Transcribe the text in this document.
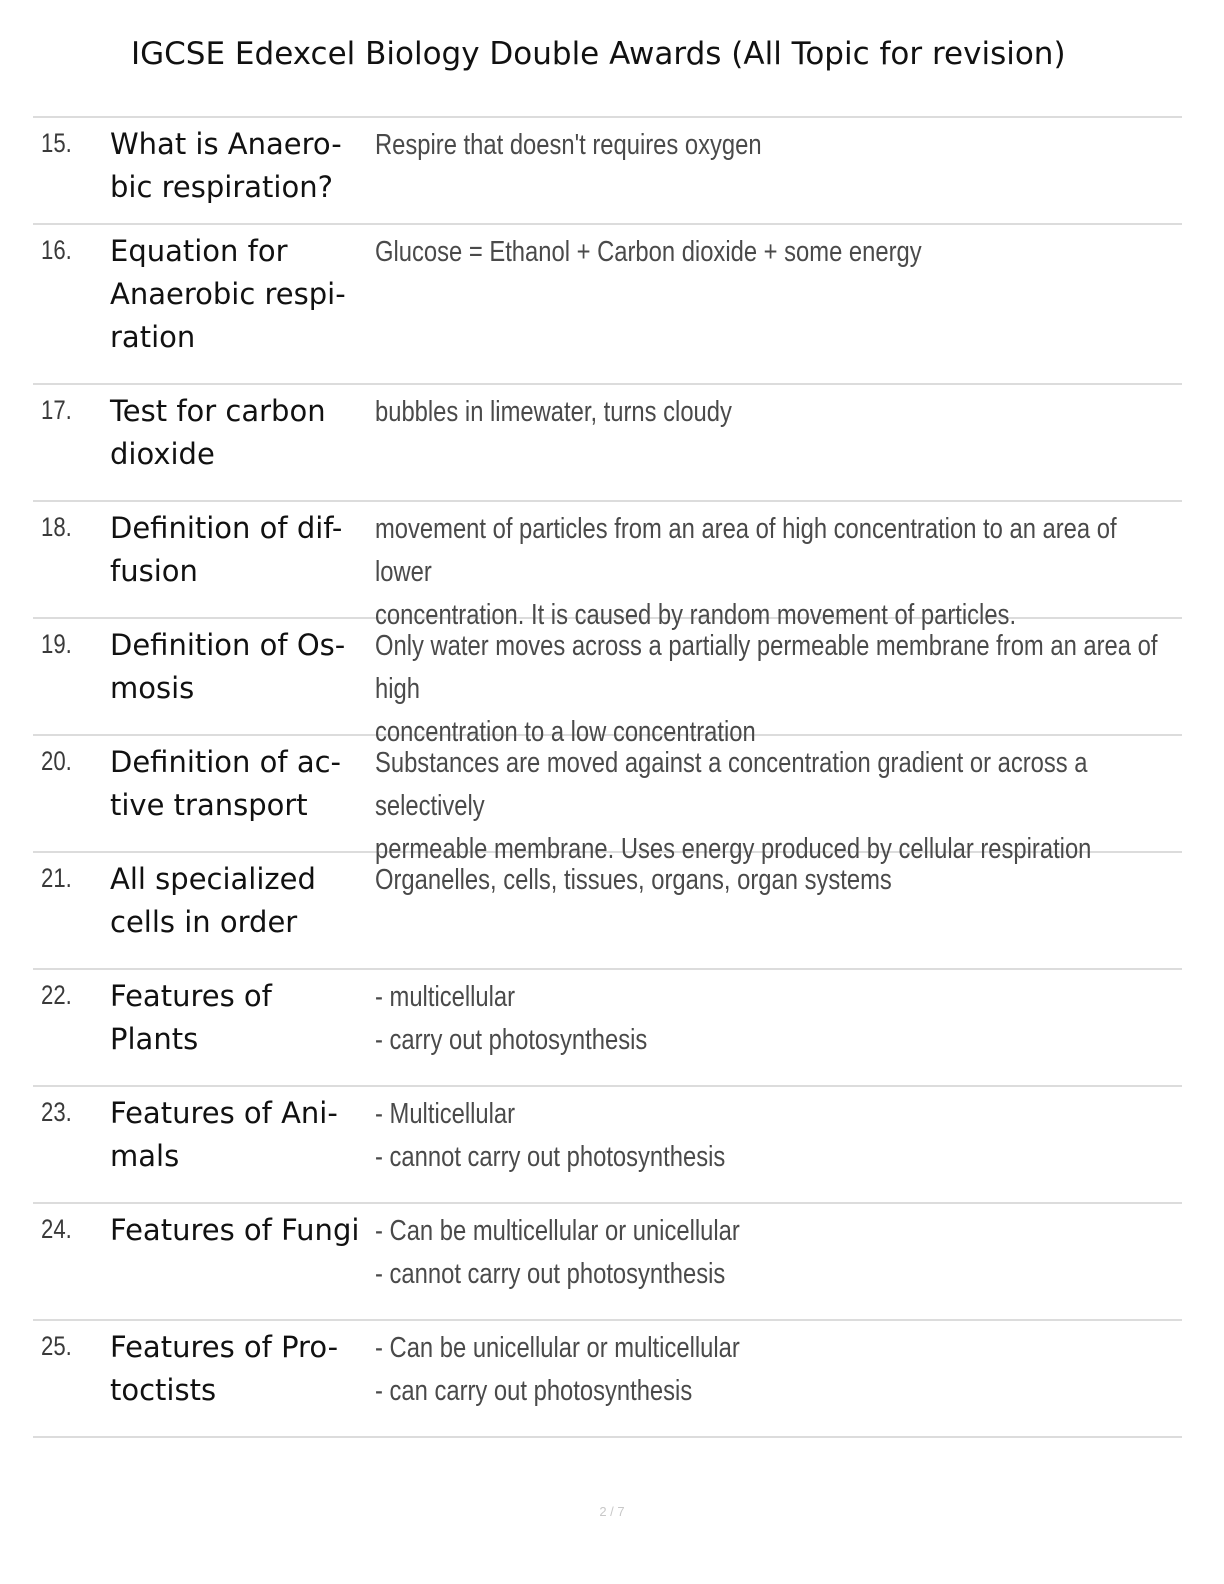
IGCSE Edexcel Biology Double Awards (All Topic for revision)
15. What is Anaero-
bic respiration?
Respire that doesn't requires oxygen
16. Equation for
Anaerobic respi-
ration
Glucose = Ethanol + Carbon dioxide + some energy
17. Test for carbon
dioxide
bubbles in limewater, turns cloudy
18. Definition of dif-
fusion
movement of particles from an area of high concentration to an area of lower
concentration. It is caused by random movement of particles.
19. Definition of Os-
mosis
Only water moves across a partially permeable membrane from an area of high
concentration to a low concentration
20. Definition of ac-
tive transport
Substances are moved against a concentration gradient or across a selectively
permeable membrane. Uses energy produced by cellular respiration
21. All specialized
cells in order
Organelles, cells, tissues, organs, organ systems
22. Features of
Plants
- multicellular
- carry out photosynthesis
23. Features of Ani-
mals
- Multicellular
- cannot carry out photosynthesis
24. Features of Fungi - Can be multicellular or unicellular
- cannot carry out photosynthesis
25. Features of Pro-
toctists
- Can be unicellular or multicellular
- can carry out photosynthesis
2 / 7
